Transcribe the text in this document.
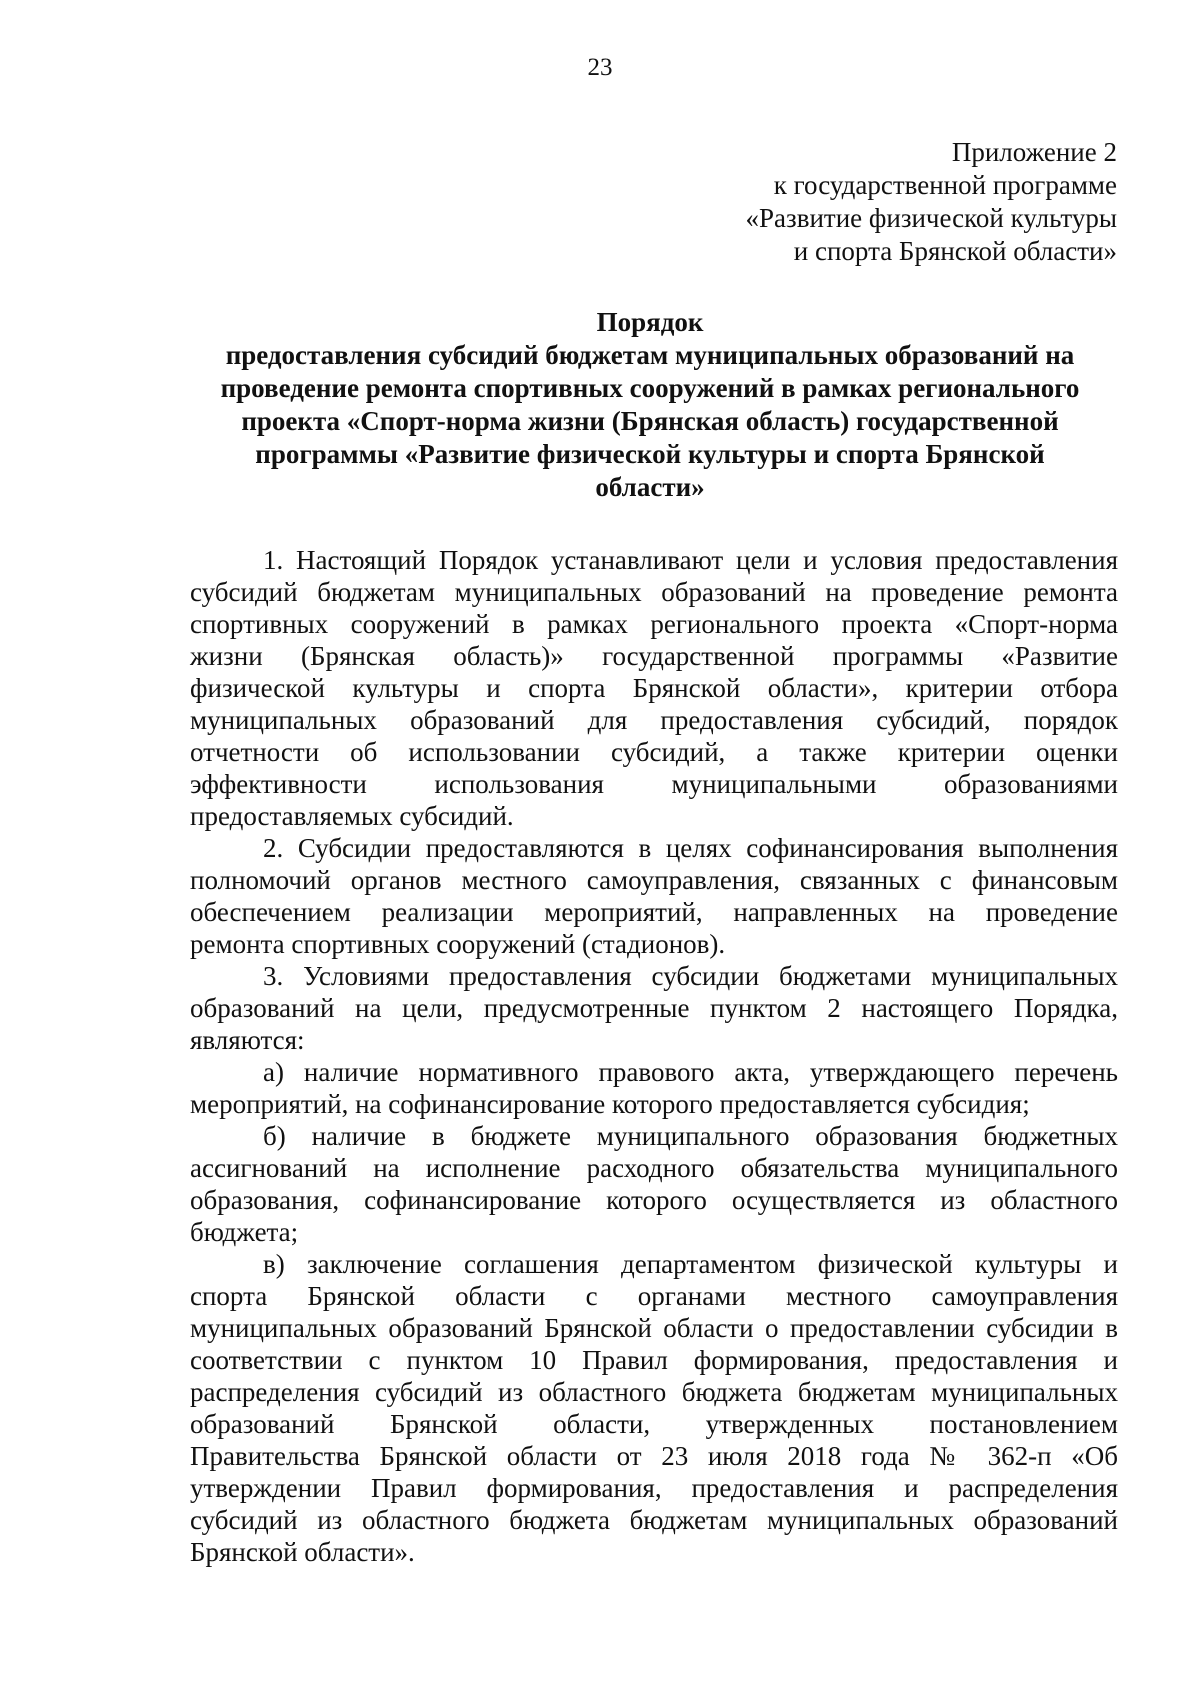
23
Приложение 2
к государственной программе
«Развитие физической культуры
и спорта Брянской области»
Порядок
предоставления субсидий бюджетам муниципальных образований на
проведение ремонта спортивных сооружений в рамках регионального
проекта «Спорт-норма жизни (Брянская область) государственной
программы «Развитие физической культуры и спорта Брянской
области»
1. Настоящий Порядок устанавливают цели и условия предоставления
субсидий бюджетам муниципальных образований на проведение ремонта
спортивных сооружений в рамках регионального проекта «Спорт-норма
жизни (Брянская область)» государственной программы «Развитие
физической культуры и спорта Брянской области», критерии отбора
муниципальных образований для предоставления субсидий, порядок
отчетности об использовании субсидий, а также критерии оценки
эффективности использования муниципальными образованиями
предоставляемых субсидий.
2. Субсидии предоставляются в целях софинансирования выполнения
полномочий органов местного самоуправления, связанных с финансовым
обеспечением реализации мероприятий, направленных на проведение
ремонта спортивных сооружений (стадионов).
3. Условиями предоставления субсидии бюджетами муниципальных
образований на цели, предусмотренные пунктом 2 настоящего Порядка,
являются:
а) наличие нормативного правового акта, утверждающего перечень
мероприятий, на софинансирование которого предоставляется субсидия;
б) наличие в бюджете муниципального образования бюджетных
ассигнований на исполнение расходного обязательства муниципального
образования, софинансирование которого осуществляется из областного
бюджета;
в) заключение соглашения департаментом физической культуры и
спорта Брянской области с органами местного самоуправления
муниципальных образований Брянской области о предоставлении субсидии в
соответствии с пунктом 10 Правил формирования, предоставления и
распределения субсидий из областного бюджета бюджетам муниципальных
образований Брянской области, утвержденных постановлением
Правительства Брянской области от 23 июля 2018 года № 362-п «Об
утверждении Правил формирования, предоставления и распределения
субсидий из областного бюджета бюджетам муниципальных образований
Брянской области».
